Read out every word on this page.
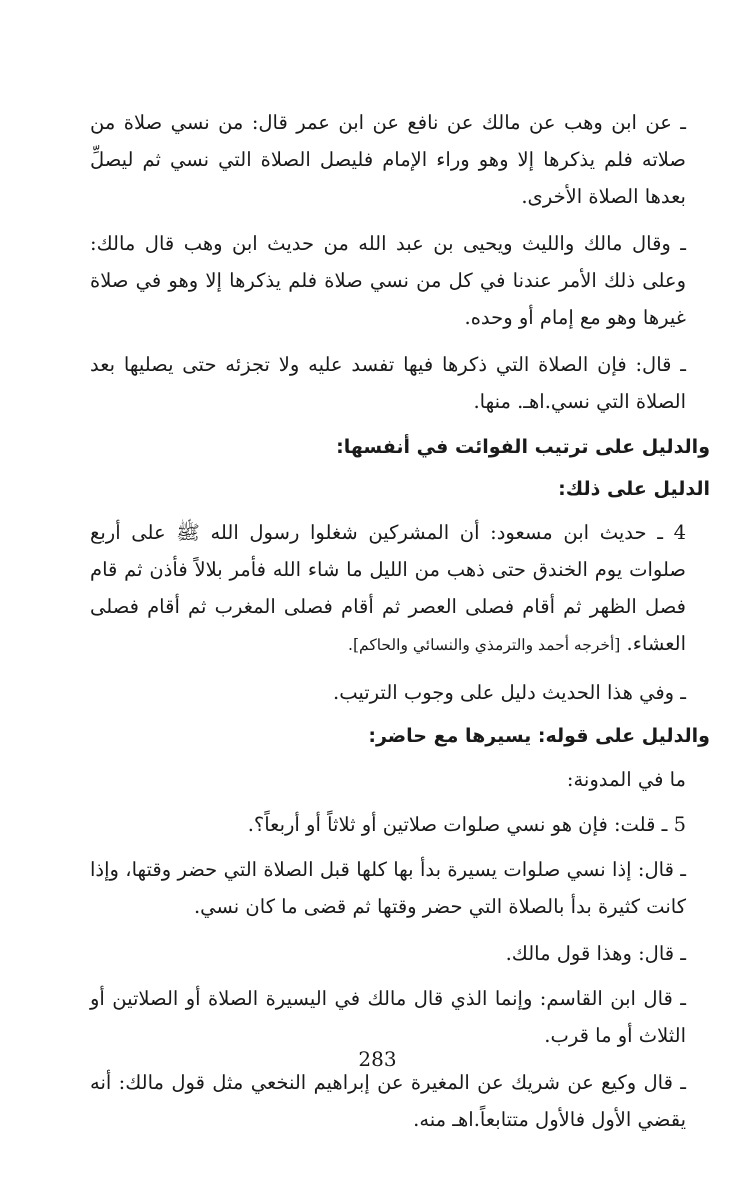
ـ عن ابن وهب عن مالك عن نافع عن ابن عمر قال: من نسي صلاة من صلاته فلم يذكرها إلا وهو وراء الإمام فليصل الصلاة التي نسي ثم ليصلِّ بعدها الصلاة الأخرى.

ـ وقال مالك والليث ويحيى بن عبد الله من حديث ابن وهب قال مالك: وعلى ذلك الأمر عندنا في كل من نسي صلاة فلم يذكرها إلا وهو في صلاة غيرها وهو مع إمام أو وحده.

ـ قال: فإن الصلاة التي ذكرها فيها تفسد عليه ولا تجزئه حتى يصليها بعد الصلاة التي نسي.اهـ. منها.

والدليل على ترتيب الفوائت في أنفسها:

الدليل على ذلك:

4 ـ حديث ابن مسعود: أن المشركين شغلوا رسول الله ﷺ على أربع صلوات يوم الخندق حتى ذهب من الليل ما شاء الله فأمر بلالاً فأذن ثم قام فصل الظهر ثم أقام فصلى العصر ثم أقام فصلى المغرب ثم أقام فصلى العشاء. [أخرجه أحمد والترمذي والنسائي والحاكم].

ـ وفي هذا الحديث دليل على وجوب الترتيب.

والدليل على قوله: يسيرها مع حاضر:

ما في المدونة:

5 ـ قلت: فإن هو نسي صلوات صلاتين أو ثلاثاً أو أربعاً؟.

ـ قال: إذا نسي صلوات يسيرة بدأ بها كلها قبل الصلاة التي حضر وقتها، وإذا كانت كثيرة بدأ بالصلاة التي حضر وقتها ثم قضى ما كان نسي.

ـ قال: وهذا قول مالك.

ـ قال ابن القاسم: وإنما الذي قال مالك في اليسيرة الصلاة أو الصلاتين أو الثلاث أو ما قرب.

ـ قال وكيع عن شريك عن المغيرة عن إبراهيم النخعي مثل قول مالك: أنه يقضي الأول فالأول متتابعاً.اهـ منه.

283
